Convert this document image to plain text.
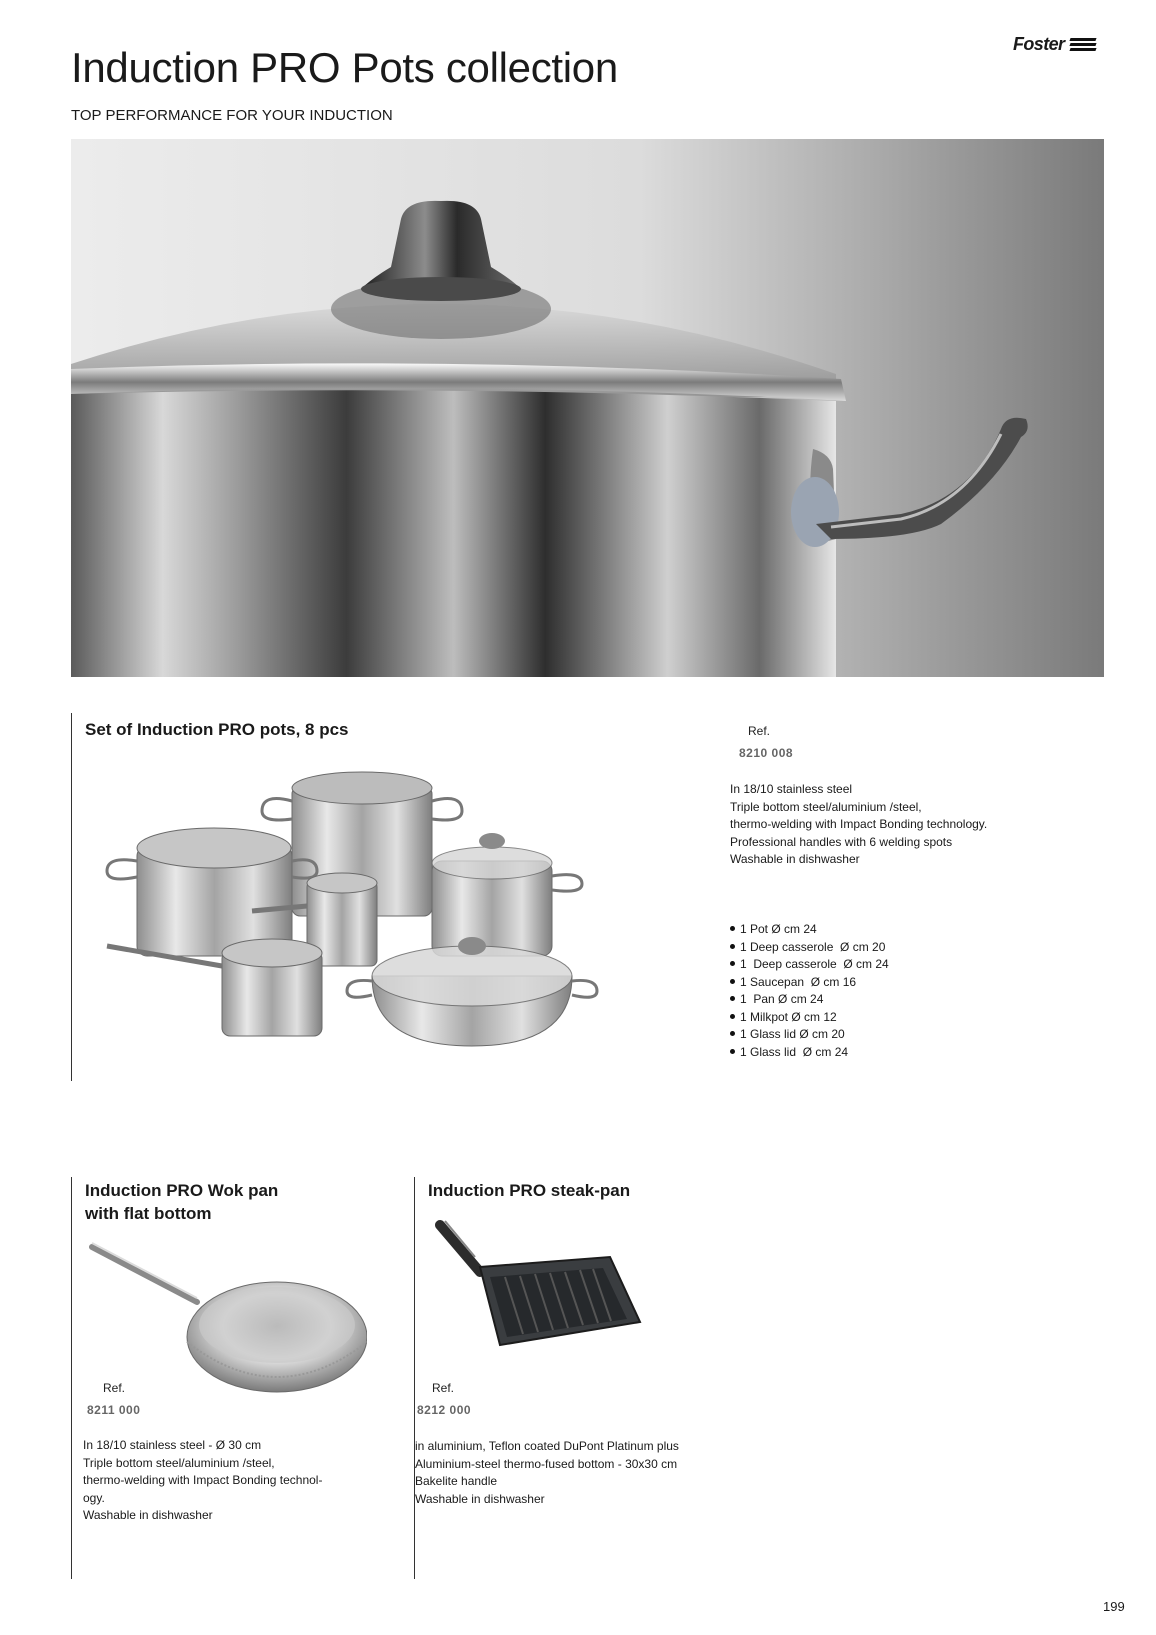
Foster
Induction PRO Pots collection
TOP PERFORMANCE FOR YOUR INDUCTION
Set of Induction PRO pots, 8 pcs	Ref.
8210 008
In 18/10 stainless steel
Triple bottom steel/aluminium /steel,
thermo-welding with Impact Bonding technology.
Professional handles with 6 welding spots
Washable in dishwasher
1 Pot Ø cm 24
1 Deep casserole  Ø cm 20
1  Deep casserole  Ø cm 24
1 Saucepan  Ø cm 16
1  Pan Ø cm 24
1 Milkpot Ø cm 12
1 Glass lid Ø cm 20
1 Glass lid  Ø cm 24
Induction PRO Wok pan
with flat bottom
Ref.
8211 000
In 18/10 stainless steel - Ø 30 cm
Triple bottom steel/aluminium /steel,
thermo-welding with Impact Bonding technol-
ogy.
Washable in dishwasher
Induction PRO steak-pan
Ref.
8212 000
in aluminium, Teflon coated DuPont Platinum plus
Aluminium-steel thermo-fused bottom - 30x30 cm
Bakelite handle
Washable in dishwasher
199
